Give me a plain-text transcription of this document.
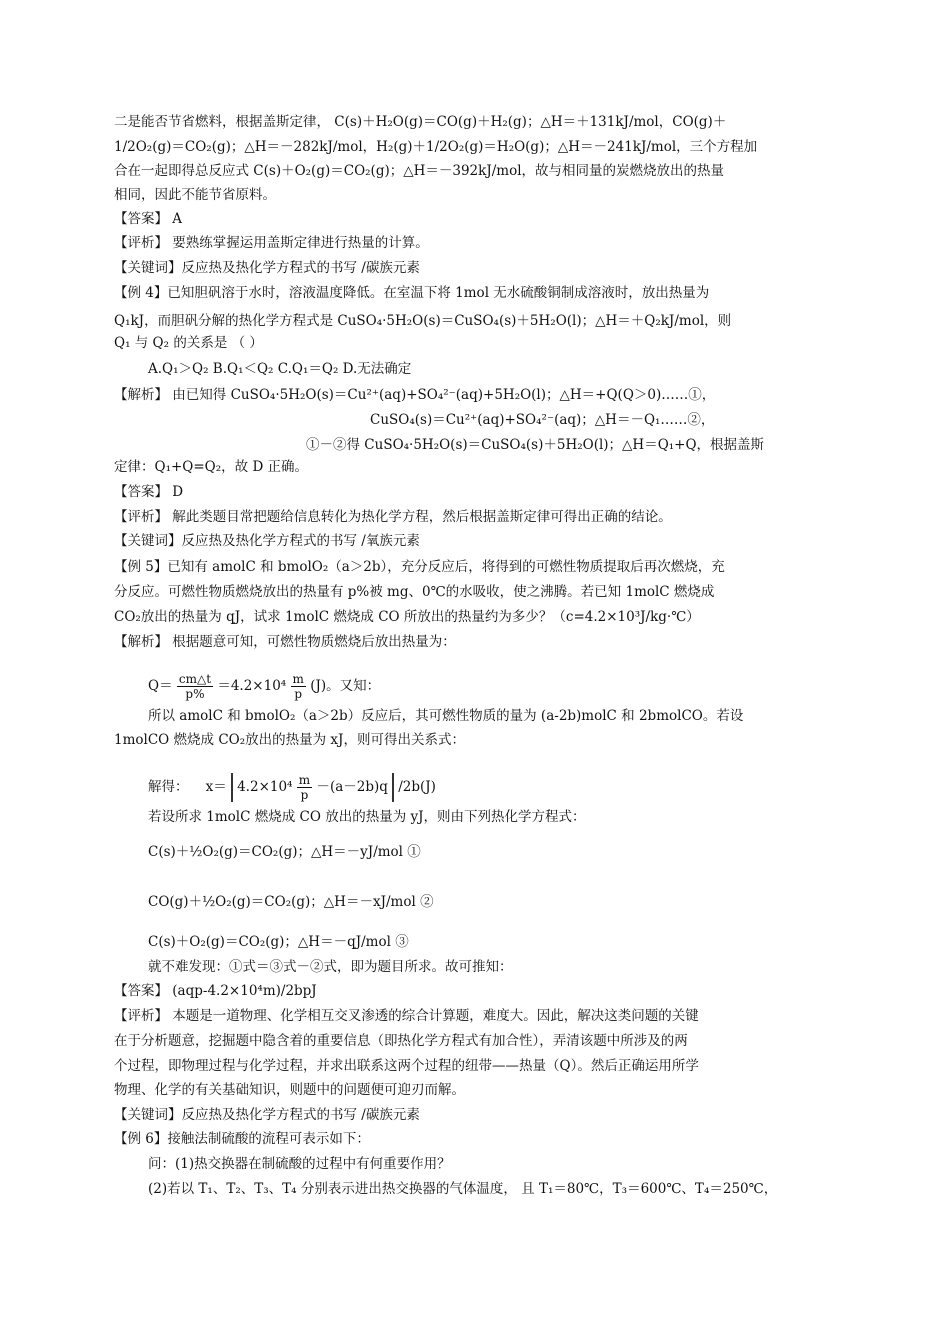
二是能否节省燃料，根据盖斯定律， C(s)＋H₂O(g)＝CO(g)＋H₂(g)；△H＝＋131kJ/mol，CO(g)＋
1/2O₂(g)＝CO₂(g)；△H＝－282kJ/mol，H₂(g)＋1/2O₂(g)＝H₂O(g)；△H＝－241kJ/mol，三个方程加
合在一起即得总反应式 C(s)＋O₂(g)＝CO₂(g)；△H＝－392kJ/mol，故与相同量的炭燃烧放出的热量
相同，因此不能节省原料。
【答案】 A
【评析】 要熟练掌握运用盖斯定律进行热量的计算。
【关键词】反应热及热化学方程式的书写 /碳族元素
【例 4】已知胆矾溶于水时，溶液温度降低。在室温下将 1mol 无水硫酸铜制成溶液时，放出热量为
Q₁kJ，而胆矾分解的热化学方程式是 CuSO₄·5H₂O(s)＝CuSO₄(s)＋5H₂O(l)；△H＝＋Q₂kJ/mol，则
Q₁ 与 Q₂ 的关系是 （ ）
A.Q₁＞Q₂ B.Q₁＜Q₂ C.Q₁＝Q₂ D.无法确定
【解析】 由已知得 CuSO₄·5H₂O(s)＝Cu²⁺(aq)+SO₄²⁻(aq)+5H₂O(l)；△H＝+Q(Q＞0)……①，
CuSO₄(s)＝Cu²⁺(aq)+SO₄²⁻(aq)；△H＝－Q₁……②，
①－②得 CuSO₄·5H₂O(s)＝CuSO₄(s)＋5H₂O(l)；△H＝Q₁+Q，根据盖斯
定律：Q₁+Q=Q₂，故 D 正确。
【答案】 D
【评析】 解此类题目常把题给信息转化为热化学方程，然后根据盖斯定律可得出正确的结论。
【关键词】反应热及热化学方程式的书写 /氧族元素
【例 5】已知有 amolC 和 bmolO₂（a＞2b），充分反应后，将得到的可燃性物质提取后再次燃烧，充
分反应。可燃性物质燃烧放出的热量有 p%被 mg、0℃的水吸收，使之沸腾。若已知 1molC 燃烧成
CO₂放出的热量为 qJ，试求 1molC 燃烧成 CO 所放出的热量约为多少？（c=4.2×10³J/kg·℃）
【解析】 根据题意可知，可燃性物质燃烧后放出热量为：
所以 amolC 和 bmolO₂（a＞2b）反应后，其可燃性物质的量为 (a-2b)molC 和 2bmolCO。若设
1molCO 燃烧成 CO₂放出的热量为 xJ，则可得出关系式：
若设所求 1molC 燃烧成 CO 放出的热量为 yJ，则由下列热化学方程式：
C(s)＋½O₂(g)＝CO₂(g)；△H＝－yJ/mol ①
CO(g)＋½O₂(g)＝CO₂(g)；△H＝－xJ/mol ②
C(s)＋O₂(g)＝CO₂(g)；△H＝－qJ/mol ③
就不难发现：①式＝③式－②式，即为题目所求。故可推知：
【答案】 (aqp-4.2×10⁴m)/2bpJ
【评析】 本题是一道物理、化学相互交叉渗透的综合计算题，难度大。因此，解决这类问题的关键
在于分析题意，挖掘题中隐含着的重要信息（即热化学方程式有加合性），弄清该题中所涉及的两
个过程，即物理过程与化学过程，并求出联系这两个过程的纽带——热量（Q）。然后正确运用所学
物理、化学的有关基础知识，则题中的问题便可迎刃而解。
【关键词】反应热及热化学方程式的书写 /碳族元素
【例 6】接触法制硫酸的流程可表示如下：
问：(1)热交换器在制硫酸的过程中有何重要作用？
(2)若以 T₁、T₂、T₃、T₄ 分别表示进出热交换器的气体温度， 且 T₁＝80℃，T₃＝600℃、T₄＝250℃，
$Q= \frac{cm\triangle t}{p\%} =4.2\times 10^4 \frac{m}{p} (J)$。又知：
解得： $x= 4.2\times 10^4 \frac{m}{p} -(a-2b)q$ /2b(J)
